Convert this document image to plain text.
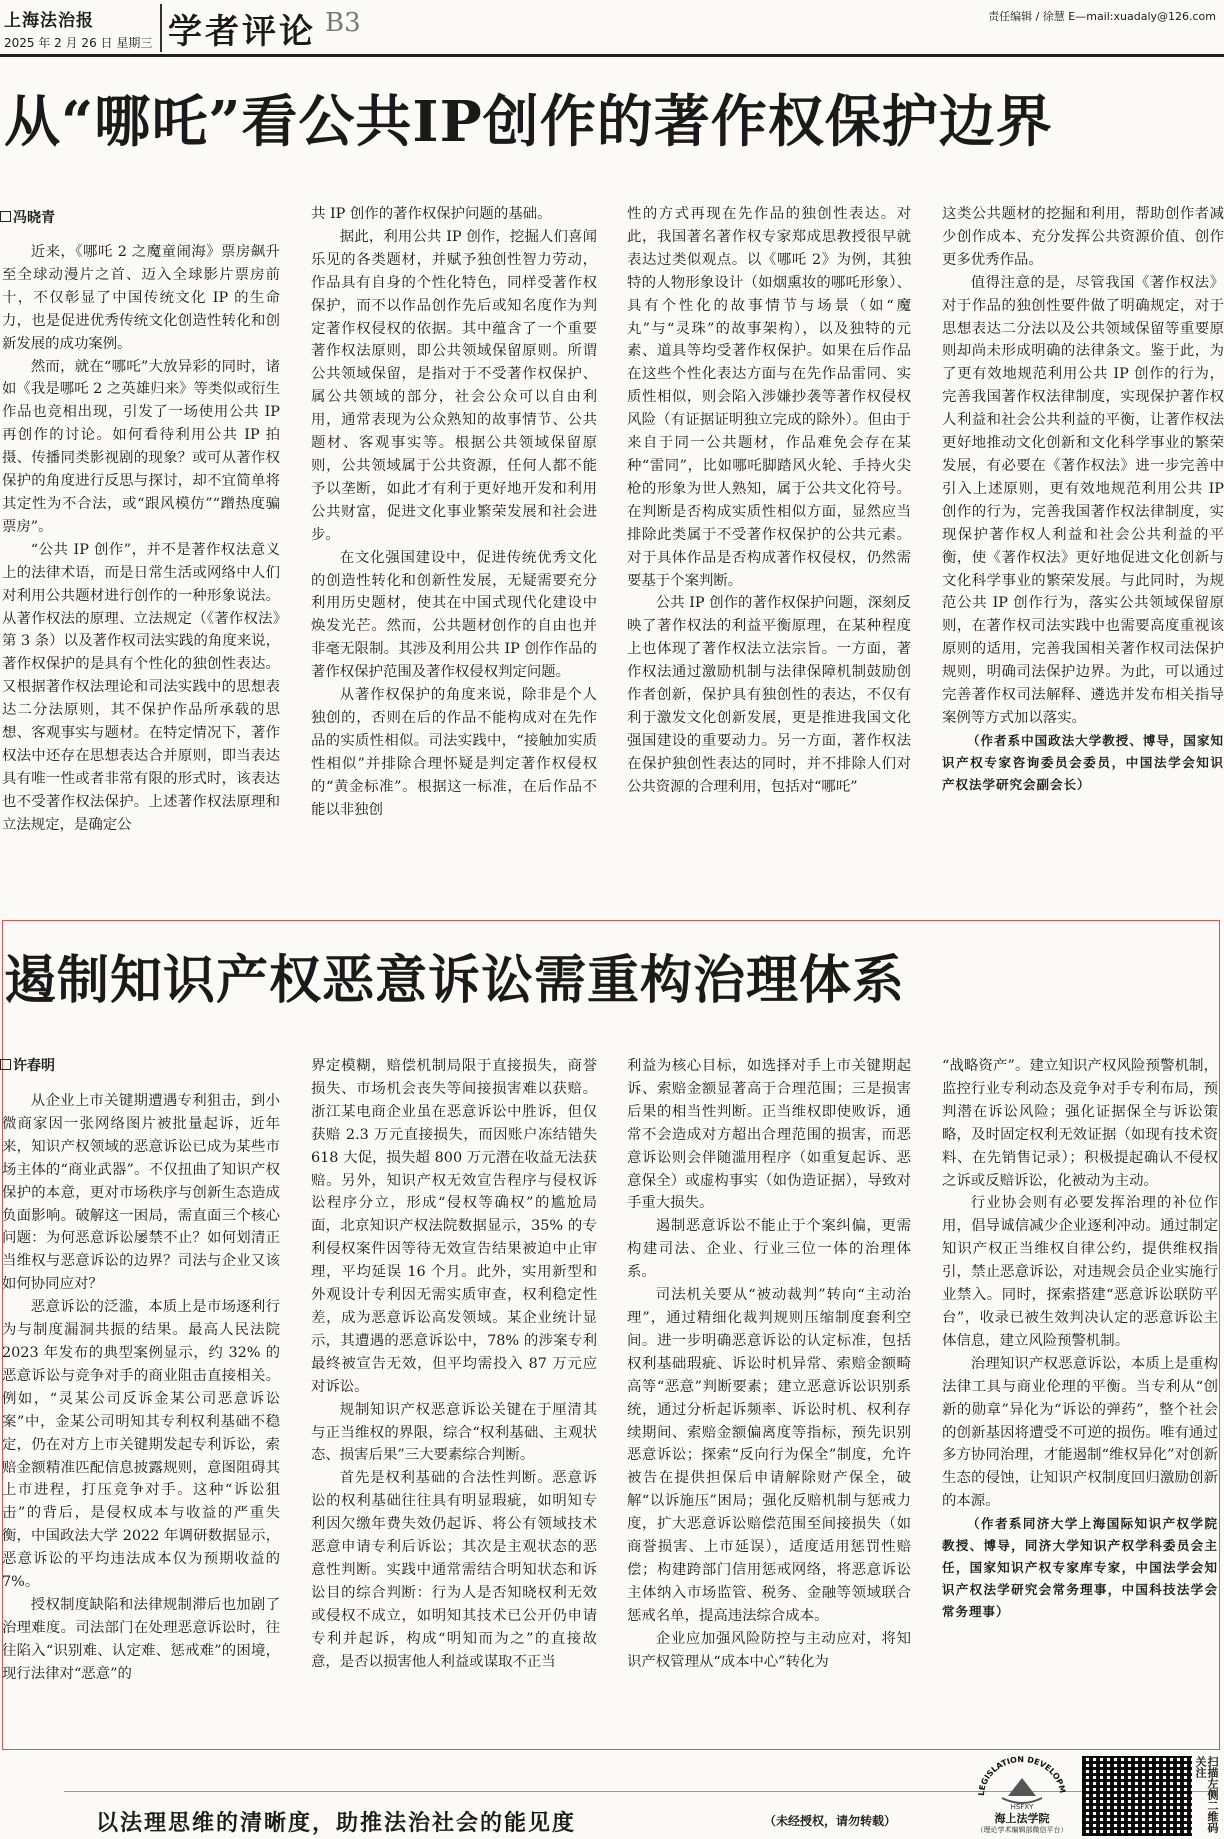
上海法治报
2025 年 2 月 26 日 星期三 学者评论 B3	责任编辑 / 徐慧 E—mail:xuadaly@126.com
从“哪吒”看公共IP创作的著作权保护边界
冯晓青

近来，《哪吒 2 之魔童闹海》票房飙升至全球动漫片之首、迈入全球影片票房前十，不仅彰显了中国传统文化 IP 的生命力，也是促进优秀传统文化创造性转化和创新发展的成功案例。

然而，就在“哪吒”大放异彩的同时，诸如《我是哪吒 2 之英雄归来》等类似或衍生作品也竞相出现，引发了一场使用公共 IP 再创作的讨论。如何看待利用公共 IP 拍摄、传播同类影视剧的现象？或可从著作权保护的角度进行反思与探讨，却不宜简单将其定性为不合法，或“跟风模仿”“蹭热度骗票房”。

“公共 IP 创作”，并不是著作权法意义上的法律术语，而是日常生活或网络中人们对利用公共题材进行创作的一种形象说法。从著作权法的原理、立法规定（《著作权法》第 3 条）以及著作权司法实践的角度来说，著作权保护的是具有个性化的独创性表达。又根据著作权法理论和司法实践中的思想表达二分法原则，其不保护作品所承载的思想、客观事实与题材。在特定情况下，著作权法中还存在思想表达合并原则，即当表达具有唯一性或者非常有限的形式时，该表达也不受著作权法保护。上述著作权法原理和立法规定，是确定公

共 IP 创作的著作权保护问题的基础。

据此，利用公共 IP 创作，挖掘人们喜闻乐见的各类题材，并赋予独创性智力劳动，作品具有自身的个性化特色，同样受著作权保护，而不以作品创作先后或知名度作为判定著作权侵权的依据。其中蕴含了一个重要著作权法原则，即公共领域保留原则。所谓公共领域保留，是指对于不受著作权保护、属公共领域的部分，社会公众可以自由利用，通常表现为公众熟知的故事情节、公共题材、客观事实等。根据公共领域保留原则，公共领域属于公共资源，任何人都不能予以垄断，如此才有利于更好地开发和利用公共财富，促进文化事业繁荣发展和社会进步。

在文化强国建设中，促进传统优秀文化的创造性转化和创新性发展，无疑需要充分利用历史题材，使其在中国式现代化建设中焕发光芒。然而，公共题材创作的自由也并非毫无限制。其涉及利用公共 IP 创作作品的著作权保护范围及著作权侵权判定问题。

从著作权保护的角度来说，除非是个人独创的，否则在后的作品不能构成对在先作品的实质性相似。司法实践中，“接触加实质性相似”并排除合理怀疑是判定著作权侵权的“黄金标准”。根据这一标准，在后作品不能以非独创

性的方式再现在先作品的独创性表达。对此，我国著名著作权专家郑成思教授很早就表达过类似观点。以《哪吒 2》为例，其独特的人物形象设计（如烟熏妆的哪吒形象）、具有个性化的故事情节与场景（如“魔丸”与“灵珠”的故事架构），以及独特的元素、道具等均受著作权保护。如果在后作品在这些个性化表达方面与在先作品雷同、实质性相似，则会陷入涉嫌抄袭等著作权侵权风险（有证据证明独立完成的除外）。但由于来自于同一公共题材，作品难免会存在某种“雷同”，比如哪吒脚踏风火轮、手持火尖枪的形象为世人熟知，属于公共文化符号。在判断是否构成实质性相似方面，显然应当排除此类属于不受著作权保护的公共元素。对于具体作品是否构成著作权侵权，仍然需要基于个案判断。

公共 IP 创作的著作权保护问题，深刻反映了著作权法的利益平衡原理，在某种程度上也体现了著作权法立法宗旨。一方面，著作权法通过激励机制与法律保障机制鼓励创作者创新，保护具有独创性的表达，不仅有利于激发文化创新发展，更是推进我国文化强国建设的重要动力。另一方面，著作权法在保护独创性表达的同时，并不排除人们对公共资源的合理利用，包括对“哪吒”

这类公共题材的挖掘和利用，帮助创作者减少创作成本、充分发挥公共资源价值、创作更多优秀作品。

值得注意的是，尽管我国《著作权法》对于作品的独创性要件做了明确规定，对于思想表达二分法以及公共领域保留等重要原则却尚未形成明确的法律条文。鉴于此，为了更有效地规范利用公共 IP 创作的行为，完善我国著作权法律制度，实现保护著作权人利益和社会公共利益的平衡，让著作权法更好地推动文化创新和文化科学事业的繁荣发展，有必要在《著作权法》进一步完善中引入上述原则，更有效地规范利用公共 IP 创作的行为，完善我国著作权法律制度，实现保护著作权人利益和社会公共利益的平衡，使《著作权法》更好地促进文化创新与文化科学事业的繁荣发展。与此同时，为规范公共 IP 创作行为，落实公共领域保留原则，在著作权司法实践中也需要高度重视该原则的适用，完善我国相关著作权司法保护规则，明确司法保护边界。为此，可以通过完善著作权司法解释、遴选并发布相关指导案例等方式加以落实。

（作者系中国政法大学教授、博导，国家知识产权专家咨询委员会委员，中国法学会知识产权法学研究会副会长）

遏制知识产权恶意诉讼需重构治理体系
许春明

从企业上市关键期遭遇专利狙击，到小微商家因一张网络图片被批量起诉，近年来，知识产权领域的恶意诉讼已成为某些市场主体的“商业武器”。不仅扭曲了知识产权保护的本意，更对市场秩序与创新生态造成负面影响。破解这一困局，需直面三个核心问题：为何恶意诉讼屡禁不止？如何划清正当维权与恶意诉讼的边界？司法与企业又该如何协同应对？

恶意诉讼的泛滥，本质上是市场逐利行为与制度漏洞共振的结果。最高人民法院 2023 年发布的典型案例显示，约 32% 的恶意诉讼与竞争对手的商业阻击直接相关。例如，“灵某公司反诉金某公司恶意诉讼案”中，金某公司明知其专利权利基础不稳定，仍在对方上市关键期发起专利诉讼，索赔金额精准匹配信息披露规则，意图阻碍其上市进程，打压竞争对手。这种“诉讼狙击”的背后，是侵权成本与收益的严重失衡，中国政法大学 2022 年调研数据显示，恶意诉讼的平均违法成本仅为预期收益的 7%。

授权制度缺陷和法律规制滞后也加剧了治理难度。司法部门在处理恶意诉讼时，往往陷入“识别难、认定难、惩戒难”的困境，现行法律对“恶意”的

界定模糊，赔偿机制局限于直接损失，商誉损失、市场机会丧失等间接损害难以获赔。浙江某电商企业虽在恶意诉讼中胜诉，但仅获赔 2.3 万元直接损失，而因账户冻结错失 618 大促，损失超 800 万元潜在收益无法获赔。另外，知识产权无效宣告程序与侵权诉讼程序分立，形成“侵权等确权”的尴尬局面，北京知识产权法院数据显示，35% 的专利侵权案件因等待无效宣告结果被迫中止审理，平均延误 16 个月。此外，实用新型和外观设计专利因无需实质审查，权利稳定性差，成为恶意诉讼高发领域。某企业统计显示，其遭遇的恶意诉讼中，78% 的涉案专利最终被宣告无效，但平均需投入 87 万元应对诉讼。

规制知识产权恶意诉讼关键在于厘清其与正当维权的界限，综合“权利基础、主观状态、损害后果”三大要素综合判断。

首先是权利基础的合法性判断。恶意诉讼的权利基础往往具有明显瑕疵，如明知专利因欠缴年费失效仍起诉、将公有领域技术恶意申请专利后诉讼；其次是主观状态的恶意性判断。实践中通常需结合明知状态和诉讼目的综合判断：行为人是否知晓权利无效或侵权不成立，如明知其技术已公开仍申请专利并起诉，构成“明知而为之”的直接故意，是否以损害他人利益或谋取不正当

利益为核心目标，如选择对手上市关键期起诉、索赔金额显著高于合理范围；三是损害后果的相当性判断。正当维权即使败诉，通常不会造成对方超出合理范围的损害，而恶意诉讼则会伴随滥用程序（如重复起诉、恶意保全）或虚构事实（如伪造证据），导致对手重大损失。

遏制恶意诉讼不能止于个案纠偏，更需构建司法、企业、行业三位一体的治理体系。

司法机关要从“被动裁判”转向“主动治理”，通过精细化裁判规则压缩制度套利空间。进一步明确恶意诉讼的认定标准，包括权利基础瑕疵、诉讼时机异常、索赔金额畸高等“恶意”判断要素；建立恶意诉讼识别系统，通过分析起诉频率、诉讼时机、权利存续期间、索赔金额偏离度等指标，预先识别恶意诉讼；探索“反向行为保全”制度，允许被告在提供担保后申请解除财产保全，破解“以诉施压”困局；强化反赔机制与惩戒力度，扩大恶意诉讼赔偿范围至间接损失（如商誉损害、上市延误），适度适用惩罚性赔偿；构建跨部门信用惩戒网络，将恶意诉讼主体纳入市场监管、税务、金融等领域联合惩戒名单，提高违法综合成本。

企业应加强风险防控与主动应对，将知识产权管理从“成本中心”转化为

“战略资产”。建立知识产权风险预警机制，监控行业专利动态及竞争对手专利布局，预判潜在诉讼风险；强化证据保全与诉讼策略，及时固定权利无效证据（如现有技术资料、在先销售记录）；积极提起确认不侵权之诉或反赔诉讼，化被动为主动。

行业协会则有必要发挥治理的补位作用，倡导诚信减少企业逐利冲动。通过制定知识产权正当维权自律公约，提供维权指引，禁止恶意诉讼，对违规会员企业实施行业禁入。同时，探索搭建“恶意诉讼联防平台”，收录已被生效判决认定的恶意诉讼主体信息，建立风险预警机制。

治理知识产权恶意诉讼，本质上是重构法律工具与商业伦理的平衡。当专利从“创新的勋章”异化为“诉讼的弹药”，整个社会的创新基因将遭受不可逆的损伤。唯有通过多方协同治理，才能遏制“维权异化”对创新生态的侵蚀，让知识产权制度回归激励创新的本源。

（作者系同济大学上海国际知识产权学院教授、博导，同济大学知识产权学科委员会主任，国家知识产权专家库专家，中国法学会知识产权法学研究会常务理事，中国科技法学会常务理事）

以法理思维的清晰度，助推法治社会的能见度	（未经授权，请勿转载）
LEGISLATION DEVELOPM
HSFXY
海上法学院
（理论学术编辑部微信平台）	扫描左侧二维码关注
